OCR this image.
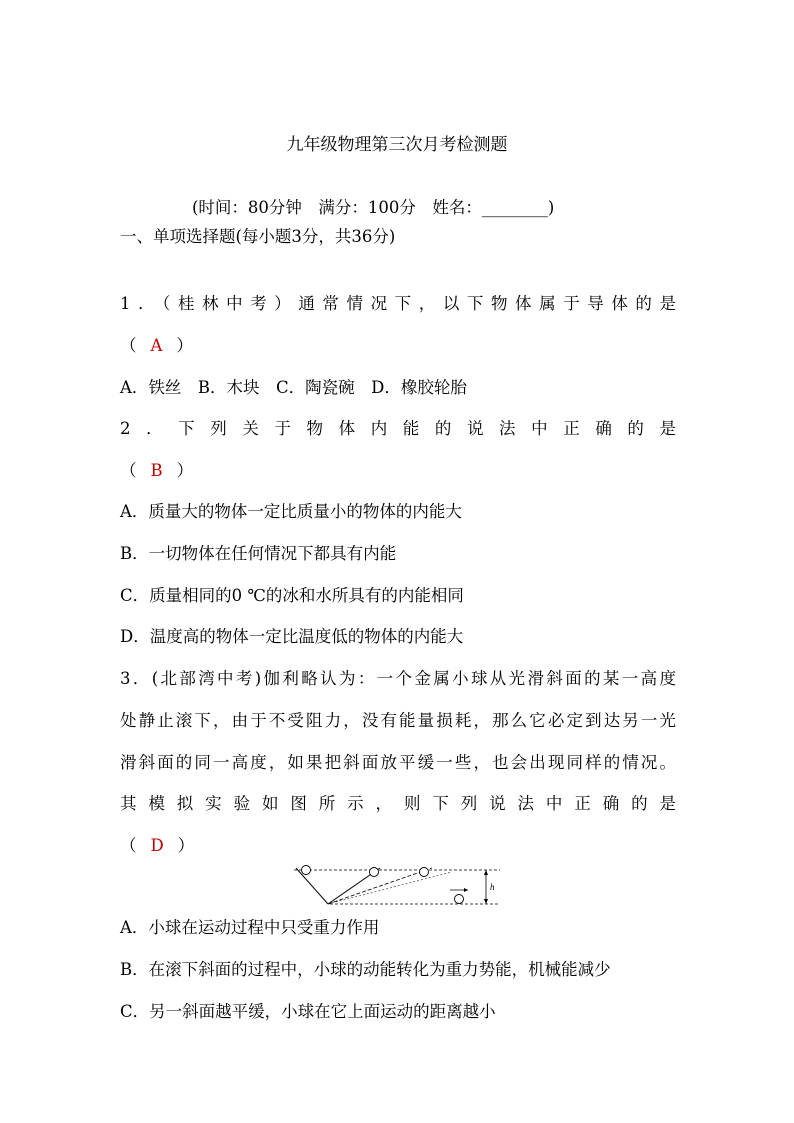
九年级物理第三次月考检测题
(时间：80分钟　满分：100分　姓名：________)
一、单项选择题(每小题3分，共36分)
1．（桂林中考）通常情况下，以下物体属于导体的是
（ A ）
A．铁丝　B．木块　C．陶瓷碗　D．橡胶轮胎
2．下列关于物体内能的说法中正确的是
（ B ）
A．质量大的物体一定比质量小的物体的内能大
B．一切物体在任何情况下都具有内能
C．质量相同的0 ℃的冰和水所具有的内能相同
D．温度高的物体一定比温度低的物体的内能大
3．(北部湾中考)伽利略认为：一个金属小球从光滑斜面的某一高度
处静止滚下，由于不受阻力，没有能量损耗，那么它必定到达另一光
滑斜面的同一高度，如果把斜面放平缓一些，也会出现同样的情况。
其模拟实验如图所示，则下列说法中正确的是
（ D ）
h
A．小球在运动过程中只受重力作用
B．在滚下斜面的过程中，小球的动能转化为重力势能，机械能减少
C．另一斜面越平缓，小球在它上面运动的距离越小
